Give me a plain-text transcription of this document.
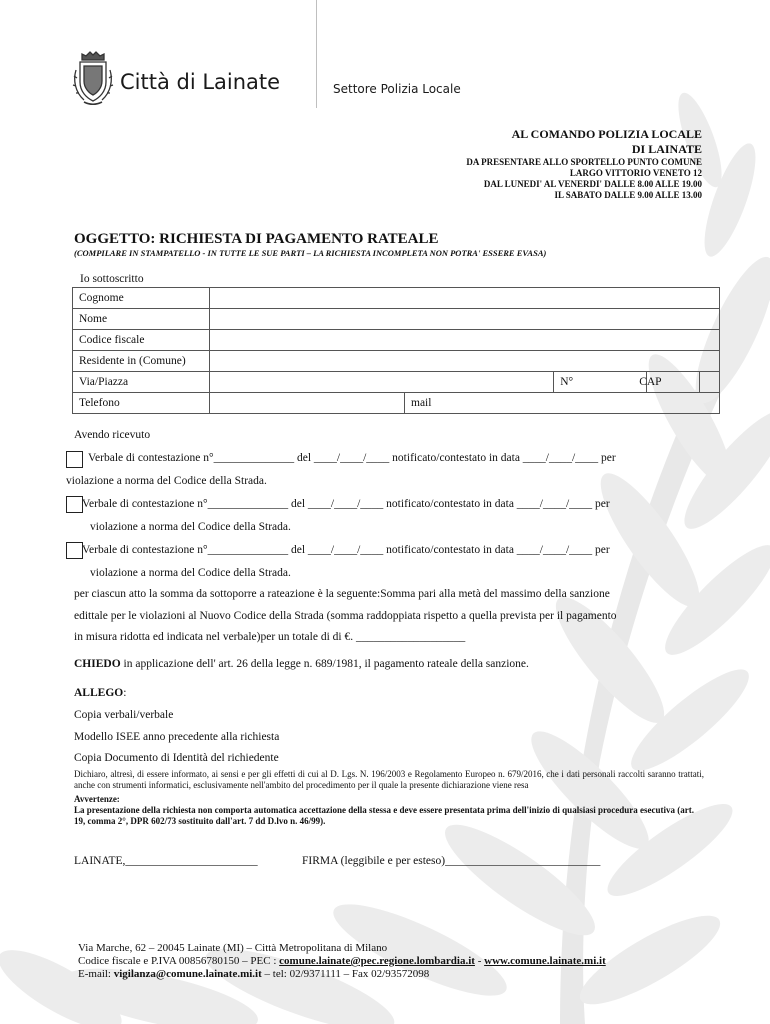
Città di Lainate	Settore Polizia Locale
AL COMANDO POLIZIA LOCALE
DI LAINATE
DA PRESENTARE ALLO SPORTELLO PUNTO COMUNE
LARGO VITTORIO VENETO 12
DAL LUNEDI' AL VENERDI' DALLE 8.00 ALLE 19.00
IL SABATO DALLE 9.00 ALLE 13.00
OGGETTO: RICHIESTA DI PAGAMENTO RATEALE
(COMPILARE IN STAMPATELLO - IN TUTTE LE SUE PARTI – LA RICHIESTA INCOMPLETA NON POTRA' ESSERE EVASA)
Io sottoscritto
Cognome					
Nome					
Codice fiscale					
Residente in (Comune)					
Via/Piazza			N°	CAP	
Telefono		mail			
Avendo ricevuto
Verbale di contestazione n°______________ del ____/____/____ notificato/contestato in data ____/____/____ per
violazione a norma del Codice della Strada.
Verbale di contestazione n°______________ del ____/____/____ notificato/contestato in data ____/____/____ per
violazione a norma del Codice della Strada.
Verbale di contestazione n°______________ del ____/____/____ notificato/contestato in data ____/____/____ per
violazione a norma del Codice della Strada.
per ciascun atto la somma da sottoporre a rateazione è la seguente:Somma pari alla metà del massimo della sanzione
edittale per le violazioni al Nuovo Codice della Strada (somma raddoppiata rispetto a quella prevista per il pagamento
in misura ridotta ed indicata nel verbale)per un totale di di €. ___________________
CHIEDO in applicazione dell' art. 26 della legge n. 689/1981, il pagamento rateale della sanzione.
ALLEGO:
Copia verbali/verbale
Modello ISEE anno precedente alla richiesta
Copia Documento di Identità del richiedente
Dichiaro, altresì, di essere informato, ai sensi e per gli effetti di cui al D. Lgs. N. 196/2003 e Regolamento Europeo n. 679/2016, che i dati personali raccolti saranno trattati, anche con strumenti informatici, esclusivamente nell'ambito del procedimento per il quale la presente dichiarazione viene resa
Avvertenze:
La presentazione della richiesta non comporta automatica accettazione della stessa e deve essere presentata prima dell'inizio di qualsiasi procedura esecutiva (art. 19, comma 2°, DPR 602/73 sostituito dall'art. 7 dd D.lvo n. 46/99).
LAINATE,_______________________	FIRMA (leggibile e per esteso)___________________________
Via Marche, 62 – 20045 Lainate (MI) – Città Metropolitana di Milano
Codice fiscale e P.IVA 00856780150 – PEC : comune.lainate@pec.regione.lombardia.it - www.comune.lainate.mi.it
E-mail: vigilanza@comune.lainate.mi.it – tel: 02/9371111 – Fax 02/93572098
